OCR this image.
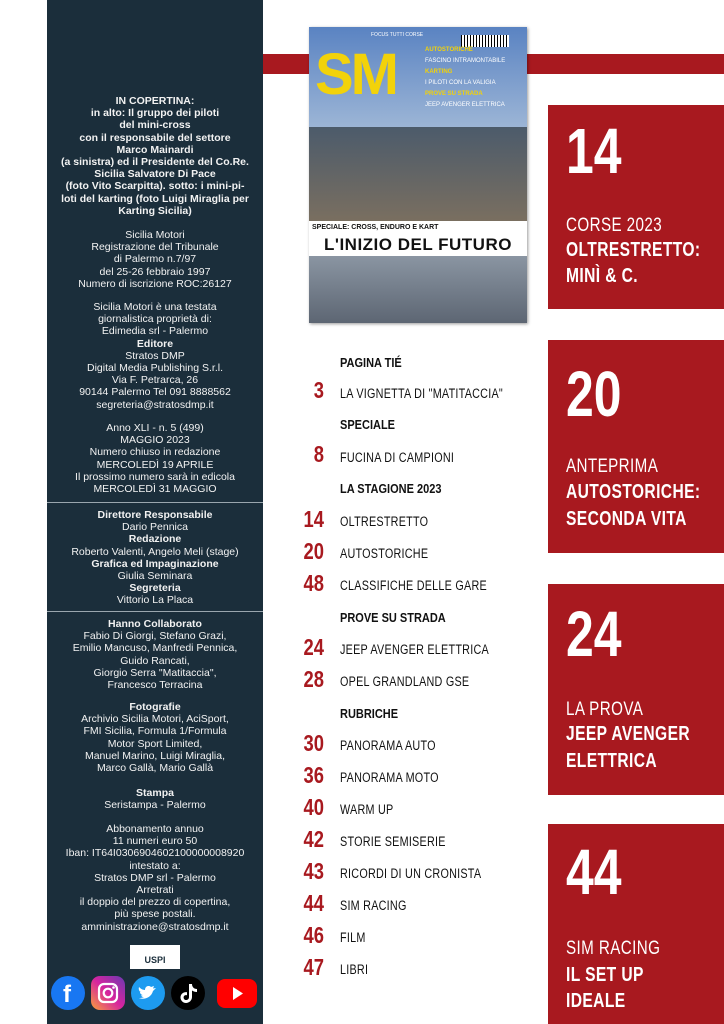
IN COPERTINA:
in alto: Il gruppo dei piloti
del mini-cross
con il responsabile del settore
Marco Mainardi
(a sinistra) ed il Presidente del Co.Re.
Sicilia Salvatore Di Pace
(foto Vito Scarpitta). sotto: i mini-pi-
loti del karting (foto Luigi Miraglia per
Karting Sicilia)
Sicilia Motori
Registrazione del Tribunale
di Palermo n.7/97
del 25-26 febbraio 1997
Numero di iscrizione ROC:26127
Sicilia Motori è una testata
giornalistica proprietà di:
Edimedia srl - Palermo
Editore
Stratos DMP
Digital Media Publishing S.r.l.
Via F. Petrarca, 26
90144 Palermo Tel 091 8888562
segreteria@stratosdmp.it
Anno XLI - n. 5 (499)
MAGGIO 2023
Numero chiuso in redazione
MERCOLEDÌ 19 APRILE
Il prossimo numero sarà in edicola
MERCOLEDÌ 31 MAGGIO
Direttore Responsabile
Dario Pennica
Redazione
Roberto Valenti, Angelo Meli (stage)
Grafica ed Impaginazione
Giulia Seminara
Segreteria
Vittorio La Placa
Hanno Collaborato
Fabio Di Giorgi, Stefano Grazi,
Emilio Mancuso, Manfredi Pennica,
Guido Rancati,
Giorgio Serra "Matitaccia",
Francesco Terracina
Fotografie
Archivio Sicilia Motori, AciSport,
FMI Sicilia, Formula 1/Formula
Motor Sport Limited,
Manuel Marino, Luigi Miraglia,
Marco Gallà, Mario Gallà
Stampa
Seristampa - Palermo
Abbonamento annuo
11 numeri euro 50
Iban: IT64I0306904602100000008920
intestato a:
Stratos DMP srl - Palermo
Arretrati
il doppio del prezzo di copertina,
più spese postali.
amministrazione@stratosdmp.it
USPI
f
FOCUS TUTTI CORSE
SM	AUTOSTORICHE
FASCINO INTRAMONTABILE
KARTING
I PILOTI CON LA VALIGIA
PROVE SU STRADA
JEEP AVENGER ELETTRICA
SPECIALE: CROSS, ENDURO E KART
L'INIZIO DEL FUTURO
PAGINA TIÉ
3 LA VIGNETTA DI "MATITACCIA"
SPECIALE
8 FUCINA DI CAMPIONI
LA STAGIONE 2023
14 OLTRESTRETTO
20 AUTOSTORICHE
48 CLASSIFICHE DELLE GARE
PROVE SU STRADA
24 JEEP AVENGER ELETTRICA
28 OPEL GRANDLAND GSE
RUBRICHE
30 PANORAMA AUTO
36 PANORAMA MOTO
40 WARM UP
42 STORIE SEMISERIE
43 RICORDI DI UN CRONISTA
44 SIM RACING
46 FILM
47 LIBRI
14
CORSE 2023
OLTRESTRETTO:
MINÌ & C.
20
ANTEPRIMA
AUTOSTORICHE:
SECONDA VITA
24
LA PROVA
JEEP AVENGER
ELETTRICA
44
SIM RACING
IL SET UP
IDEALE
